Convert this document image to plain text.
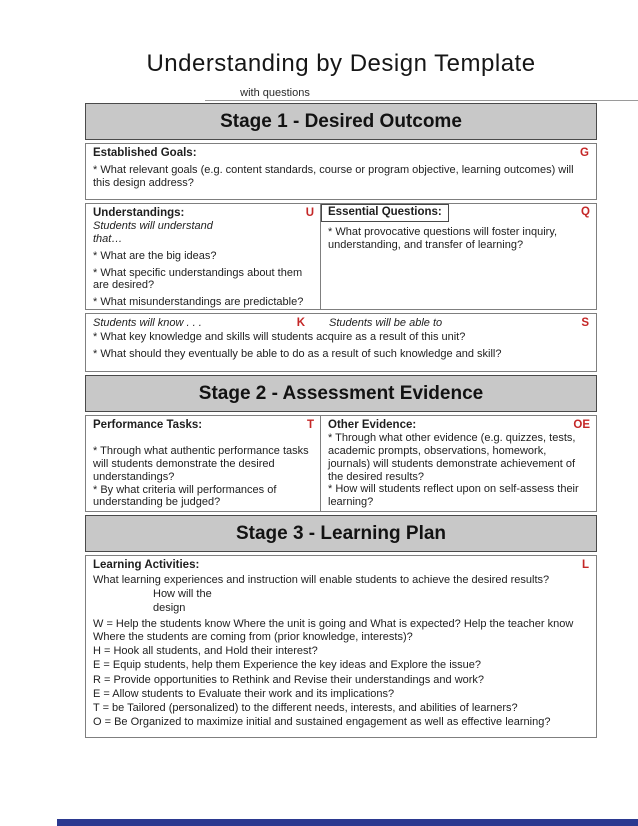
Understanding by Design Template
with questions
Stage 1 - Desired Outcome
Established Goals:	G
* What relevant goals (e.g. content standards, course or program objective, learning outcomes) will this design address?
Understandings:	U
Students will understand
that…
* What are the big ideas?
* What specific understandings about them are desired?
* What misunderstandings are predictable?
Essential Questions:	Q
* What provocative questions will foster inquiry, understanding, and transfer of learning?
Students will know . . .	K Students will be able to	S
* What key knowledge and skills will students acquire as a result of this unit?
* What should they eventually be able to do as a result of such knowledge and skill?
Stage 2 - Assessment Evidence
Performance Tasks:	T
* Through what authentic performance tasks will students demonstrate the desired understandings?
* By what criteria will performances of understanding be judged?
Other Evidence:	OE
* Through what other evidence (e.g. quizzes, tests, academic prompts, observations, homework, journals) will students demonstrate achievement of the desired results?
* How will students reflect upon on self-assess their learning?
Stage 3 - Learning Plan
Learning Activities:	L
What learning experiences and instruction will enable students to achieve the desired results?
How will the
design
W = Help the students know Where the unit is going and What is expected? Help the teacher know Where the students are coming from (prior knowledge, interests)?
H = Hook all students, and Hold their interest?
E = Equip students, help them Experience the key ideas and Explore the issue?
R = Provide opportunities to Rethink and Revise their understandings and work?
E = Allow students to Evaluate their work and its implications?
T = be Tailored (personalized) to the different needs, interests, and abilities of learners?
O = Be Organized to maximize initial and sustained engagement as well as effective learning?
